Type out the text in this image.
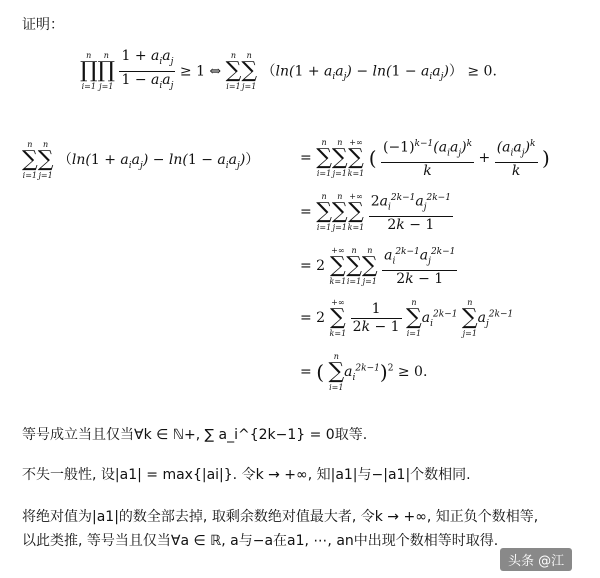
证明：
n
∏
i=1
n
∏
j=1
$\frac{1 + a_ia_j}{1 - a_ia_j} \ge 1$ ⇔
n
∑
i=1
n
∑
j=1
$(\ln(1 + a_ia_j) - \ln(1 - a_ia_j)) \ge 0$.
n
∑
i=1
n
∑
j=1
$(\ln(1 + a_ia_j) - \ln(1 - a_ia_j))$	=
n
∑
i=1
n
∑
j=1
+∞
∑
k=1
( $\frac{(-1)^{k-1}(a_ia_j)^k}{k} + \frac{(a_ia_j)^k}{k}$ )
=
n
∑
i=1
n
∑
j=1
+∞
∑
k=1
$\frac{2a_i^{2k-1}a_j^{2k-1}}{2k - 1}$
= 2
+∞
∑
k=1
n
∑
i=1
n
∑
j=1
$\frac{a_i^{2k-1}a_j^{2k-1}}{2k - 1}$
= 2
+∞
∑
k=1
$\frac{1}{2k - 1}$
	n
∑
i=1
$a_i^{2k-1}$
n
∑
j=1
$a_j^{2k-1}$
= (
n
∑
i=1
$a_i^{2k-1})^2 \ge 0$.
等号成立当且仅当∀k ∈ ℕ+, ∑ a_i^{2k−1} = 0取等.
不失一般性, 设|a1| = max{|ai|}. 令k → +∞, 知|a1|与−|a1|个数相同.
将绝对值为|a1|的数全部去掉, 取剩余数绝对值最大者, 令k → +∞, 知正负个数相等,
以此类推, 等号当且仅当∀a ∈ ℝ, a与−a在a1, ⋯, an中出现个数相等时取得.
头条 @江
